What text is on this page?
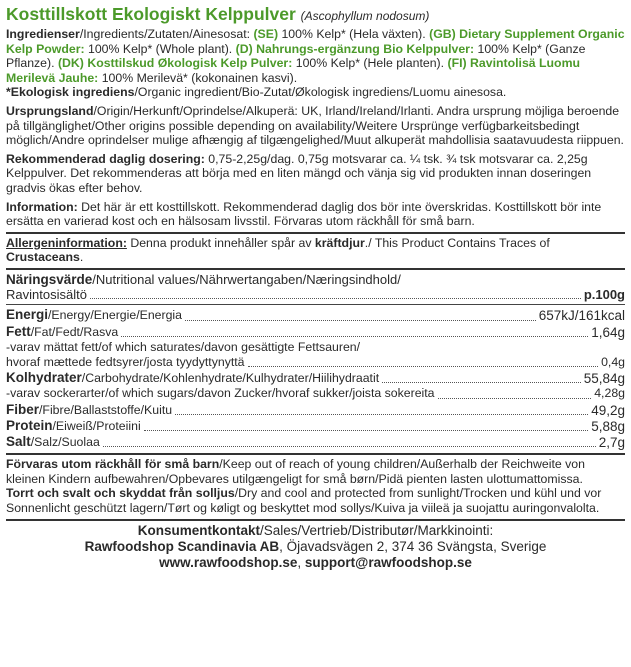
Kosttillskott Ekologiskt Kelppulver (Ascophyllum nodosum)

Ingredienser/Ingredients/Zutaten/Ainesosat: (SE) 100% Kelp* (Hela växten). (GB) Dietary Supplement Organic Kelp Powder: 100% Kelp* (Whole plant). (D) Nahrungs-ergänzung Bio Kelppulver: 100% Kelp* (Ganze Pflanze). (DK) Kosttilskud Økologisk Kelp Pulver: 100% Kelp* (Hele planten). (FI) Ravintolisä Luomu Merilevä Jauhe: 100% Merilevä* (kokonainen kasvi).
*Ekologisk ingrediens/Organic ingredient/Bio-Zutat/Økologisk ingrediens/Luomu ainesosa.

Ursprungsland/Origin/Herkunft/Oprindelse/Alkuperä: UK, Irland/Ireland/Irlanti. Andra ursprung möjliga beroende på tillgänglighet/Other origins possible depending on availability/Weitere Ursprünge verfügbarkeitsbedingt möglich/Andre oprindelser mulige afhængig af tilgængelighed/Muut alkuperät mahdollisia saatavuudesta riippuen.

Rekommenderad daglig dosering: 0,75-2,25g/dag. 0,75g motsvarar ca. ¼ tsk. ¾ tsk motsvarar ca. 2,25g Kelppulver. Det rekommenderas att börja med en liten mängd och vänja sig vid produkten innan doseringen gradvis ökas efter behov.

Information: Det här är ett kosttillskott. Rekommenderad daglig dos bör inte överskridas. Kosttillskott bör inte ersätta en varierad kost och en hälsosam livsstil. Förvaras utom räckhåll för små barn.

Allergeninformation: Denna produkt innehåller spår av kräftdjur./ This Product Contains Traces of Crustaceans.

Näringsvärde/Nutritional values/Nährwertangaben/Næringsindhold/
Ravintosisältö	p.100g
Energi/Energy/Energie/Energia	657kJ/161kcal
Fett/Fat/Fedt/Rasva	1,64g
-varav mättat fett/of which saturates/davon gesättigte Fettsauren/
hvoraf mættede fedtsyrer/josta tyydyttynyttä	0,4g
Kolhydrater/Carbohydrate/Kohlenhydrate/Kulhydrater/Hiilihydraatit	55,84g
-varav sockerarter/of which sugars/davon Zucker/hvoraf sukker/joista sokereita	4,28g
Fiber/Fibre/Ballaststoffe/Kuitu	49,2g
Protein/Eiweiß/Proteiini	5,88g
Salt/Salz/Suolaa	2,7g

Förvaras utom räckhåll för små barn/Keep out of reach of young children/Außerhalb der Reichweite von kleinen Kindern aufbewahren/Opbevares utilgængeligt for små børn/Pidä pienten lasten ulottumattomissa.
Torrt och svalt och skyddat från solljus/Dry and cool and protected from sunlight/Trocken und kühl und vor Sonnenlicht geschützt lagern/Tørt og køligt og beskyttet mod sollys/Kuiva ja viileä ja suojattu auringonvalolta.

Konsumentkontakt/Sales/Vertrieb/Distributør/Markkinointi:
Rawfoodshop Scandinavia AB, Öjavadsvägen 2, 374 36 Svängsta, Sverige
www.rawfoodshop.se, support@rawfoodshop.se
